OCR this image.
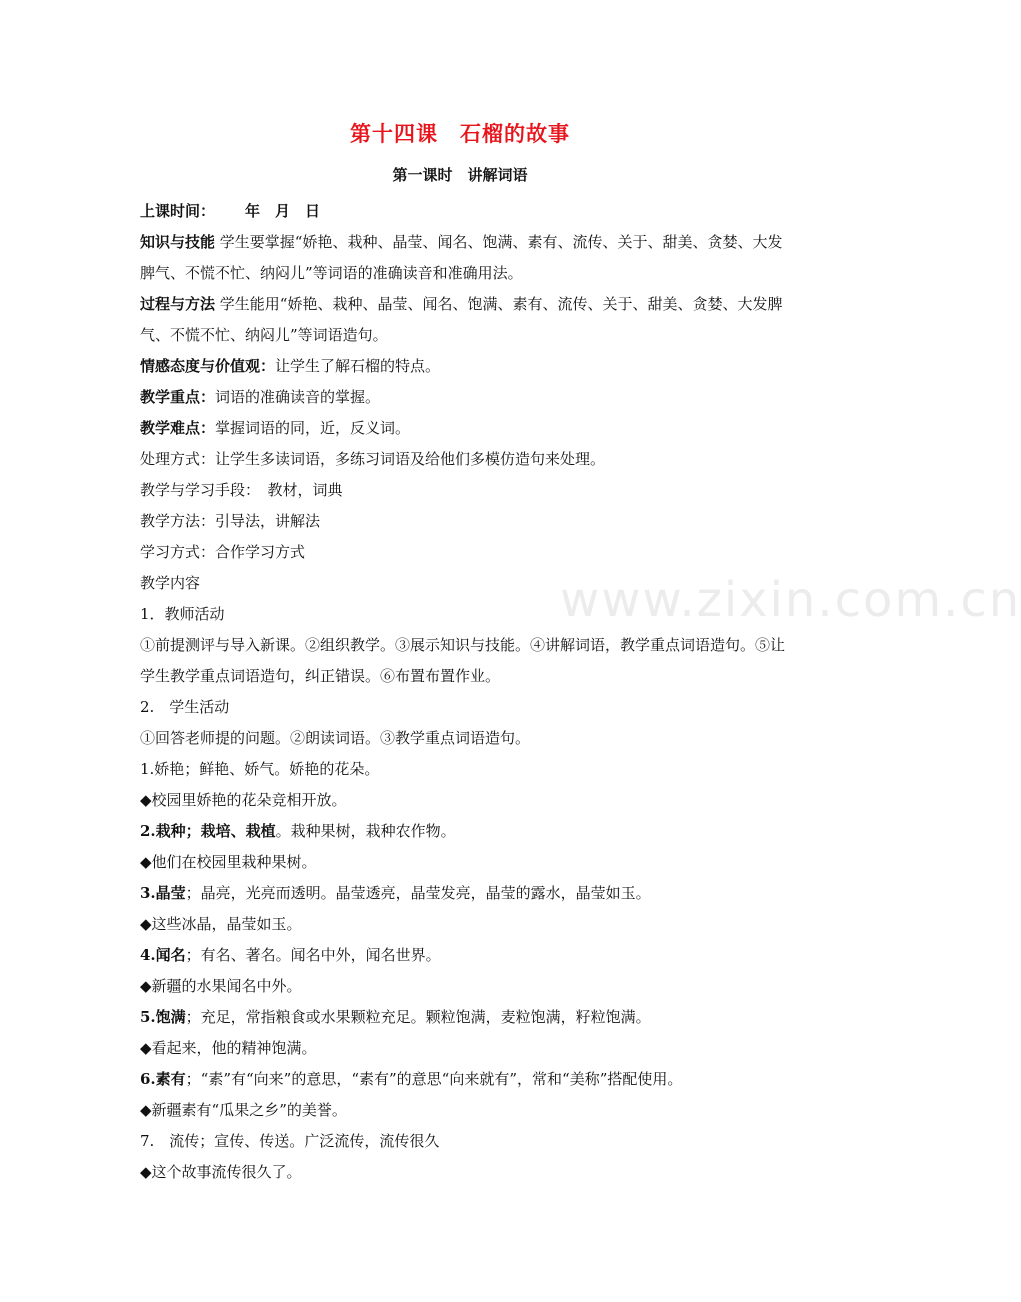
第十四课　石榴的故事
第一课时　讲解词语
www.zixin.com.cn

上课时间： 年　月　日

知识与技能 学生要掌握“娇艳、栽种、晶莹、闻名、饱满、素有、流传、关于、甜美、贪婪、大发脾气、不慌不忙、纳闷儿”等词语的准确读音和准确用法。

过程与方法 学生能用“娇艳、栽种、晶莹、闻名、饱满、素有、流传、关于、甜美、贪婪、大发脾气、不慌不忙、纳闷儿”等词语造句。

情感态度与价值观：让学生了解石榴的特点。

教学重点：词语的准确读音的掌握。

教学难点：掌握词语的同，近，反义词。

处理方式：让学生多读词语，多练习词语及给他们多模仿造句来处理。

教学与学习手段：　教材，词典

教学方法：引导法，讲解法

学习方式：合作学习方式

教学内容

1．教师活动

①前提测评与导入新课。②组织教学。③展示知识与技能。④讲解词语，教学重点词语造句。⑤让学生教学重点词语造句，纠正错误。⑥布置布置作业。

2.　学生活动

①回答老师提的问题。②朗读词语。③教学重点词语造句。

1.娇艳；鲜艳、娇气。娇艳的花朵。

◆校园里娇艳的花朵竞相开放。

2.栽种；栽培、栽植。栽种果树，栽种农作物。

◆他们在校园里栽种果树。

3.晶莹；晶亮，光亮而透明。晶莹透亮，晶莹发亮，晶莹的露水，晶莹如玉。

◆这些冰晶，晶莹如玉。

4.闻名；有名、著名。闻名中外，闻名世界。

◆新疆的水果闻名中外。

5.饱满；充足，常指粮食或水果颗粒充足。颗粒饱满，麦粒饱满，籽粒饱满。

◆看起来，他的精神饱满。

6.素有；“素”有“向来”的意思，“素有”的意思“向来就有”，常和“美称”搭配使用。

◆新疆素有“瓜果之乡”的美誉。

7.　流传；宣传、传送。广泛流传，流传很久

◆这个故事流传很久了。
